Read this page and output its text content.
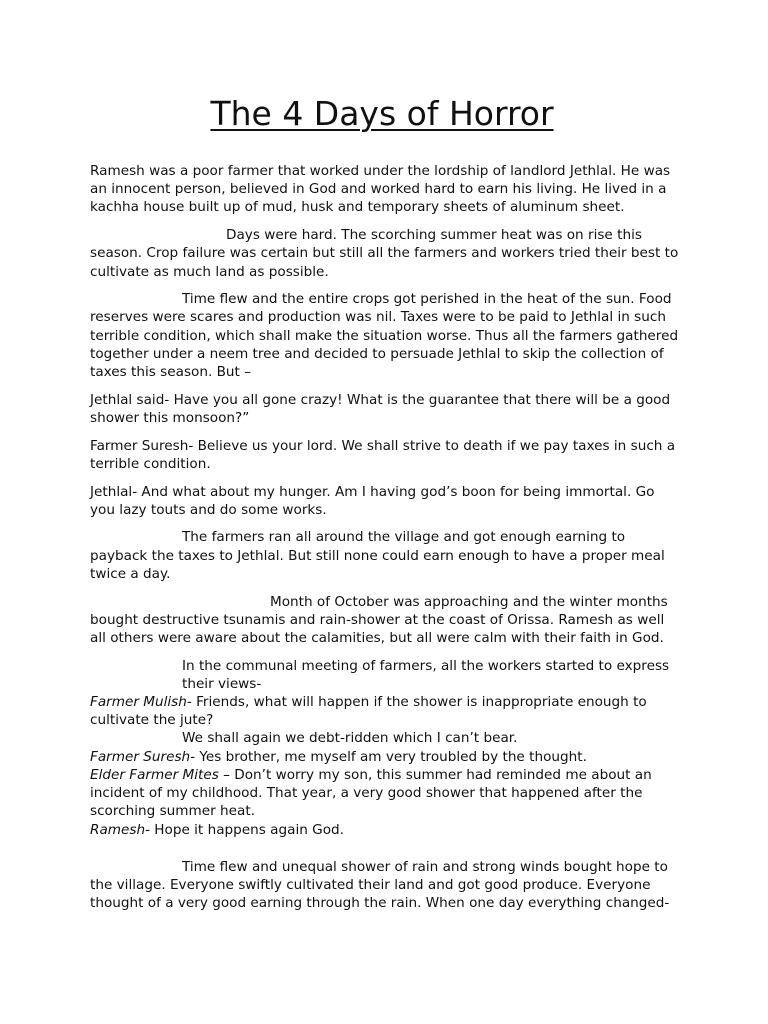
The 4 Days of Horror

Ramesh was a poor farmer that worked under the lordship of landlord Jethlal. He was an innocent person, believed in God and worked hard to earn his living. He lived in a kachha house built up of mud, husk and temporary sheets of aluminum sheet.

Days were hard. The scorching summer heat was on rise this season. Crop failure was certain but still all the farmers and workers tried their best to cultivate as much land as possible.

Time flew and the entire crops got perished in the heat of the sun. Food reserves were scares and production was nil. Taxes were to be paid to Jethlal in such terrible condition, which shall make the situation worse. Thus all the farmers gathered together under a neem tree and decided to persuade Jethlal to skip the collection of taxes this season. But –

Jethlal said- Have you all gone crazy! What is the guarantee that there will be a good shower this monsoon?”

Farmer Suresh- Believe us your lord. We shall strive to death if we pay taxes in such a terrible condition.

Jethlal- And what about my hunger. Am I having god’s boon for being immortal. Go you lazy touts and do some works.

The farmers ran all around the village and got enough earning to payback the taxes to Jethlal. But still none could earn enough to have a proper meal twice a day.

Month of October was approaching and the winter months bought destructive tsunamis and rain-shower at the coast of Orissa. Ramesh as well all others were aware about the calamities, but all were calm with their faith in God.

In the communal meeting of farmers, all the workers started to express

their views-

Farmer Mulish- Friends, what will happen if the shower is inappropriate enough to cultivate the jute?

We shall again we debt-ridden which I can’t bear.

Farmer Suresh- Yes brother, me myself am very troubled by the thought.

Elder Farmer Mites – Don’t worry my son, this summer had reminded me about an incident of my childhood. That year, a very good shower that happened after the scorching summer heat.

Ramesh- Hope it happens again God.

Time flew and unequal shower of rain and strong winds bought hope to the village. Everyone swiftly cultivated their land and got good produce. Everyone thought of a very good earning through the rain. When one day everything changed-
